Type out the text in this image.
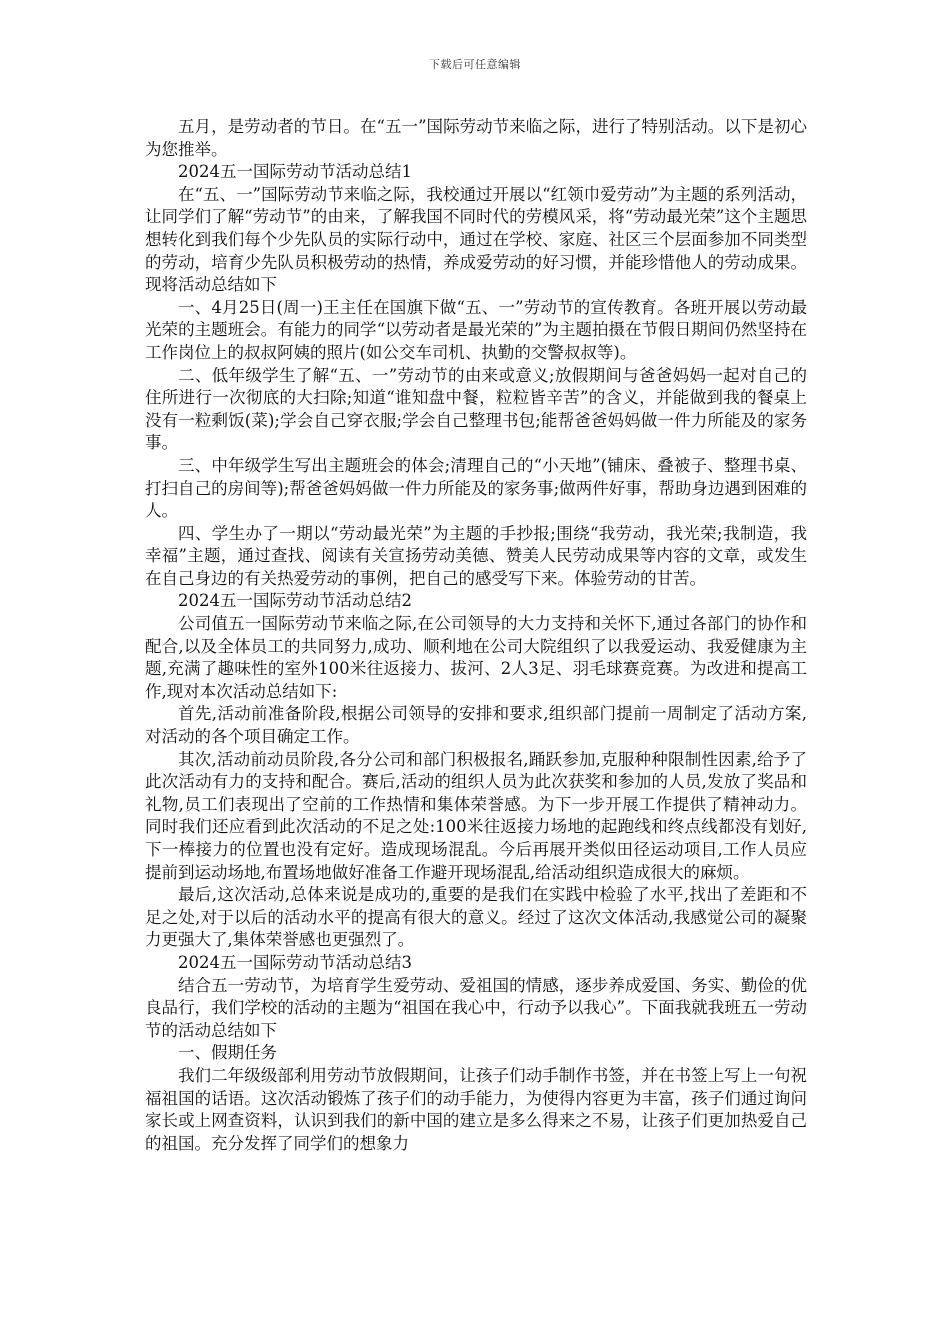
下载后可任意编辑

五月，是劳动者的节日。在“五一”国际劳动节来临之际，进行了特别活动。以下是初心为您推举。

2024五一国际劳动节活动总结1

在“五、一”国际劳动节来临之际，我校通过开展以“红领巾爱劳动”为主题的系列活动，让同学们了解“劳动节”的由来，了解我国不同时代的劳模风采，将“劳动最光荣”这个主题思想转化到我们每个少先队员的实际行动中，通过在学校、家庭、社区三个层面参加不同类型的劳动，培育少先队员积极劳动的热情，养成爱劳动的好习惯，并能珍惜他人的劳动成果。现将活动总结如下

一、4月25日(周一)王主任在国旗下做“五、一”劳动节的宣传教育。各班开展以劳动最光荣的主题班会。有能力的同学“以劳动者是最光荣的”为主题拍摄在节假日期间仍然坚持在工作岗位上的叔叔阿姨的照片(如公交车司机、执勤的交警叔叔等)。

二、低年级学生了解“五、一”劳动节的由来或意义;放假期间与爸爸妈妈一起对自己的住所进行一次彻底的大扫除;知道“谁知盘中餐，粒粒皆辛苦”的含义，并能做到我的餐桌上没有一粒剩饭(菜);学会自己穿衣服;学会自己整理书包;能帮爸爸妈妈做一件力所能及的家务事。

三、中年级学生写出主题班会的体会;清理自己的“小天地”(铺床、叠被子、整理书桌、打扫自己的房间等);帮爸爸妈妈做一件力所能及的家务事;做两件好事，帮助身边遇到困难的人。

四、学生办了一期以“劳动最光荣”为主题的手抄报;围绕“我劳动，我光荣;我制造，我幸福”主题，通过查找、阅读有关宣扬劳动美德、赞美人民劳动成果等内容的文章，或发生在自己身边的有关热爱劳动的事例，把自己的感受写下来。体验劳动的甘苦。

2024五一国际劳动节活动总结2

公司值五一国际劳动节来临之际,在公司领导的大力支持和关怀下,通过各部门的协作和配合,以及全体员工的共同努力,成功、顺利地在公司大院组织了以我爱运动、我爱健康为主题,充满了趣味性的室外100米往返接力、拔河、2人3足、羽毛球赛竞赛。为改进和提高工作,现对本次活动总结如下:

首先,活动前准备阶段,根据公司领导的安排和要求,组织部门提前一周制定了活动方案,对活动的各个项目确定工作。

其次,活动前动员阶段,各分公司和部门积极报名,踊跃参加,克服种种限制性因素,给予了此次活动有力的支持和配合。赛后,活动的组织人员为此次获奖和参加的人员,发放了奖品和礼物,员工们表现出了空前的工作热情和集体荣誉感。为下一步开展工作提供了精神动力。同时我们还应看到此次活动的不足之处:100米往返接力场地的起跑线和终点线都没有划好,下一棒接力的位置也没有定好。造成现场混乱。今后再展开类似田径运动项目,工作人员应提前到运动场地,布置场地做好准备工作避开现场混乱,给活动组织造成很大的麻烦。

最后,这次活动,总体来说是成功的,重要的是我们在实践中检验了水平,找出了差距和不足之处,对于以后的活动水平的提高有很大的意义。经过了这次文体活动,我感觉公司的凝聚力更强大了,集体荣誉感也更强烈了。

2024五一国际劳动节活动总结3

结合五一劳动节，为培育学生爱劳动、爱祖国的情感，逐步养成爱国、务实、勤俭的优良品行，我们学校的活动的主题为“祖国在我心中，行动予以我心”。下面我就我班五一劳动节的活动总结如下

一、假期任务

我们二年级级部利用劳动节放假期间，让孩子们动手制作书签，并在书签上写上一句祝福祖国的话语。这次活动锻炼了孩子们的动手能力，为使得内容更为丰富，孩子们通过询问家长或上网查资料，认识到我们的新中国的建立是多么得来之不易，让孩子们更加热爱自己的祖国。充分发挥了同学们的想象力
